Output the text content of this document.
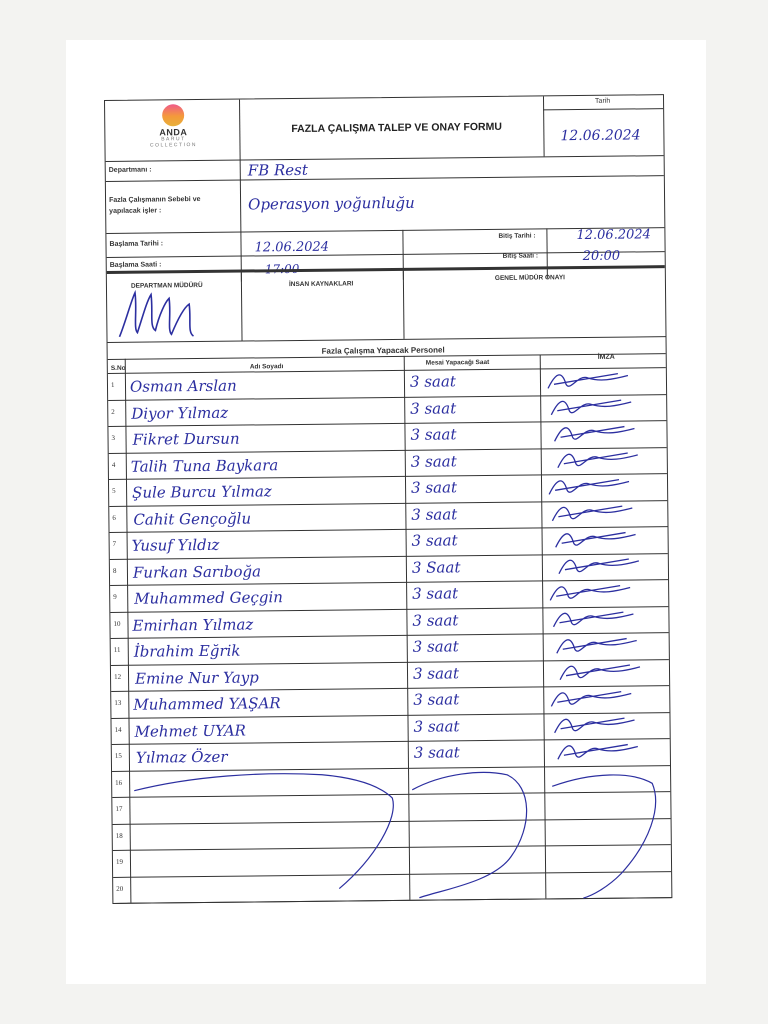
ANDA
BARUT
COLLECTION
FAZLA ÇALIŞMA TALEP VE ONAY FORMU
Tarih
12.06.2024
Departmanı :	FB Rest
Fazla Çalışmanın Sebebi ve
yapılacak işler :	Operasyon yoğunluğu
Başlama Tarihi :	12.06.2024
Bitiş Tarihi :	12.06.2024
Başlama Saati :	17:00
Bitiş Saati :	20:00
DEPARTMAN MÜDÜRÜ	İNSAN KAYNAKLARI
GENEL MÜDÜR ONAYI
Fazla Çalışma Yapacak Personel
S.No	Adı Soyadı
Mesai Yapacağı Saat
İMZA
1 Osman Arslan	3 saat
2 Diyor Yılmaz	3 saat
3 Fikret Dursun	3 saat
4 Talih Tuna Baykara	3 saat
5 Şule Burcu Yılmaz	3 saat
6 Cahit Gençoğlu	3 saat
7 Yusuf Yıldız	3 saat
8 Furkan Sarıboğa	3 Saat
9 Muhammed Geçgin	3 saat
10 Emirhan Yılmaz	3 saat
11 İbrahim Eğrik	3 saat
12 Emine Nur Yayp	3 saat
13 Muhammed YAŞAR	3 saat
14 Mehmet UYAR	3 saat
15 Yılmaz Özer	3 saat
16
17
18
19
20
